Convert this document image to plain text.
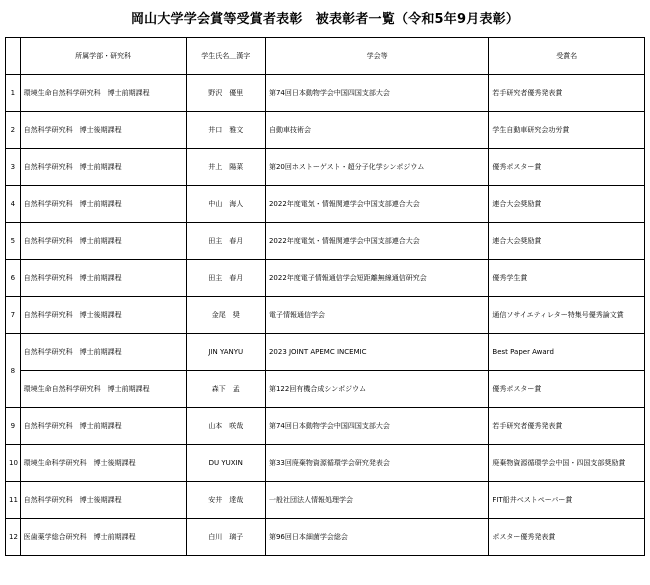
岡山大学学会賞等受賞者表彰　被表彰者一覧（令和5年9月表彰）
	所属学部・研究科	学生氏名＿漢字	学会等	受賞名
1	環境生命自然科学研究科　博士前期課程	野沢　優里	第74回日本動物学会中国四国支部大会	若手研究者優秀発表賞
2	自然科学研究科　博士後期課程	井口　雅文	自動車技術会	学生自動車研究会功労賞
3	自然科学研究科　博士前期課程	井上　陽菜	第20回ホストーゲスト・超分子化学シンポジウム	優秀ポスター賞
4	自然科学研究科　博士前期課程	中山　海人	2022年度電気・情報関連学会中国支部連合大会	連合大会奨励賞
5	自然科学研究科　博士前期課程	田主　春月	2022年度電気・情報関連学会中国支部連合大会	連合大会奨励賞
6	自然科学研究科　博士前期課程	田主　春月	2022年度電子情報通信学会短距離無線通信研究会	優秀学生賞
7	自然科学研究科　博士後期課程	金尾　奨	電子情報通信学会	通信ソサイエティレター特集号優秀論文賞
8	自然科学研究科　博士前期課程	JIN YANYU	2023 JOINT APEMC INCEMIC	Best Paper Award
	環境生命自然科学研究科　博士前期課程	森下　孟	第122回有機合成シンポジウム	優秀ポスター賞
9	自然科学研究科　博士前期課程	山本　咲哉	第74回日本動物学会中国四国支部大会	若手研究者優秀発表賞
10	環境生命科学研究科　博士後期課程	DU YUXIN	第33回廃棄物資源循環学会研究発表会	廃棄物資源循環学会中国・四国支部奨励賞
11	自然科学研究科　博士後期課程	安井　達哉	一般社団法人情報処理学会	FIT船井ベストペーパー賞
12	医歯薬学総合研究科　博士前期課程	白川　璃子	第96回日本細菌学会総会	ポスター優秀発表賞
